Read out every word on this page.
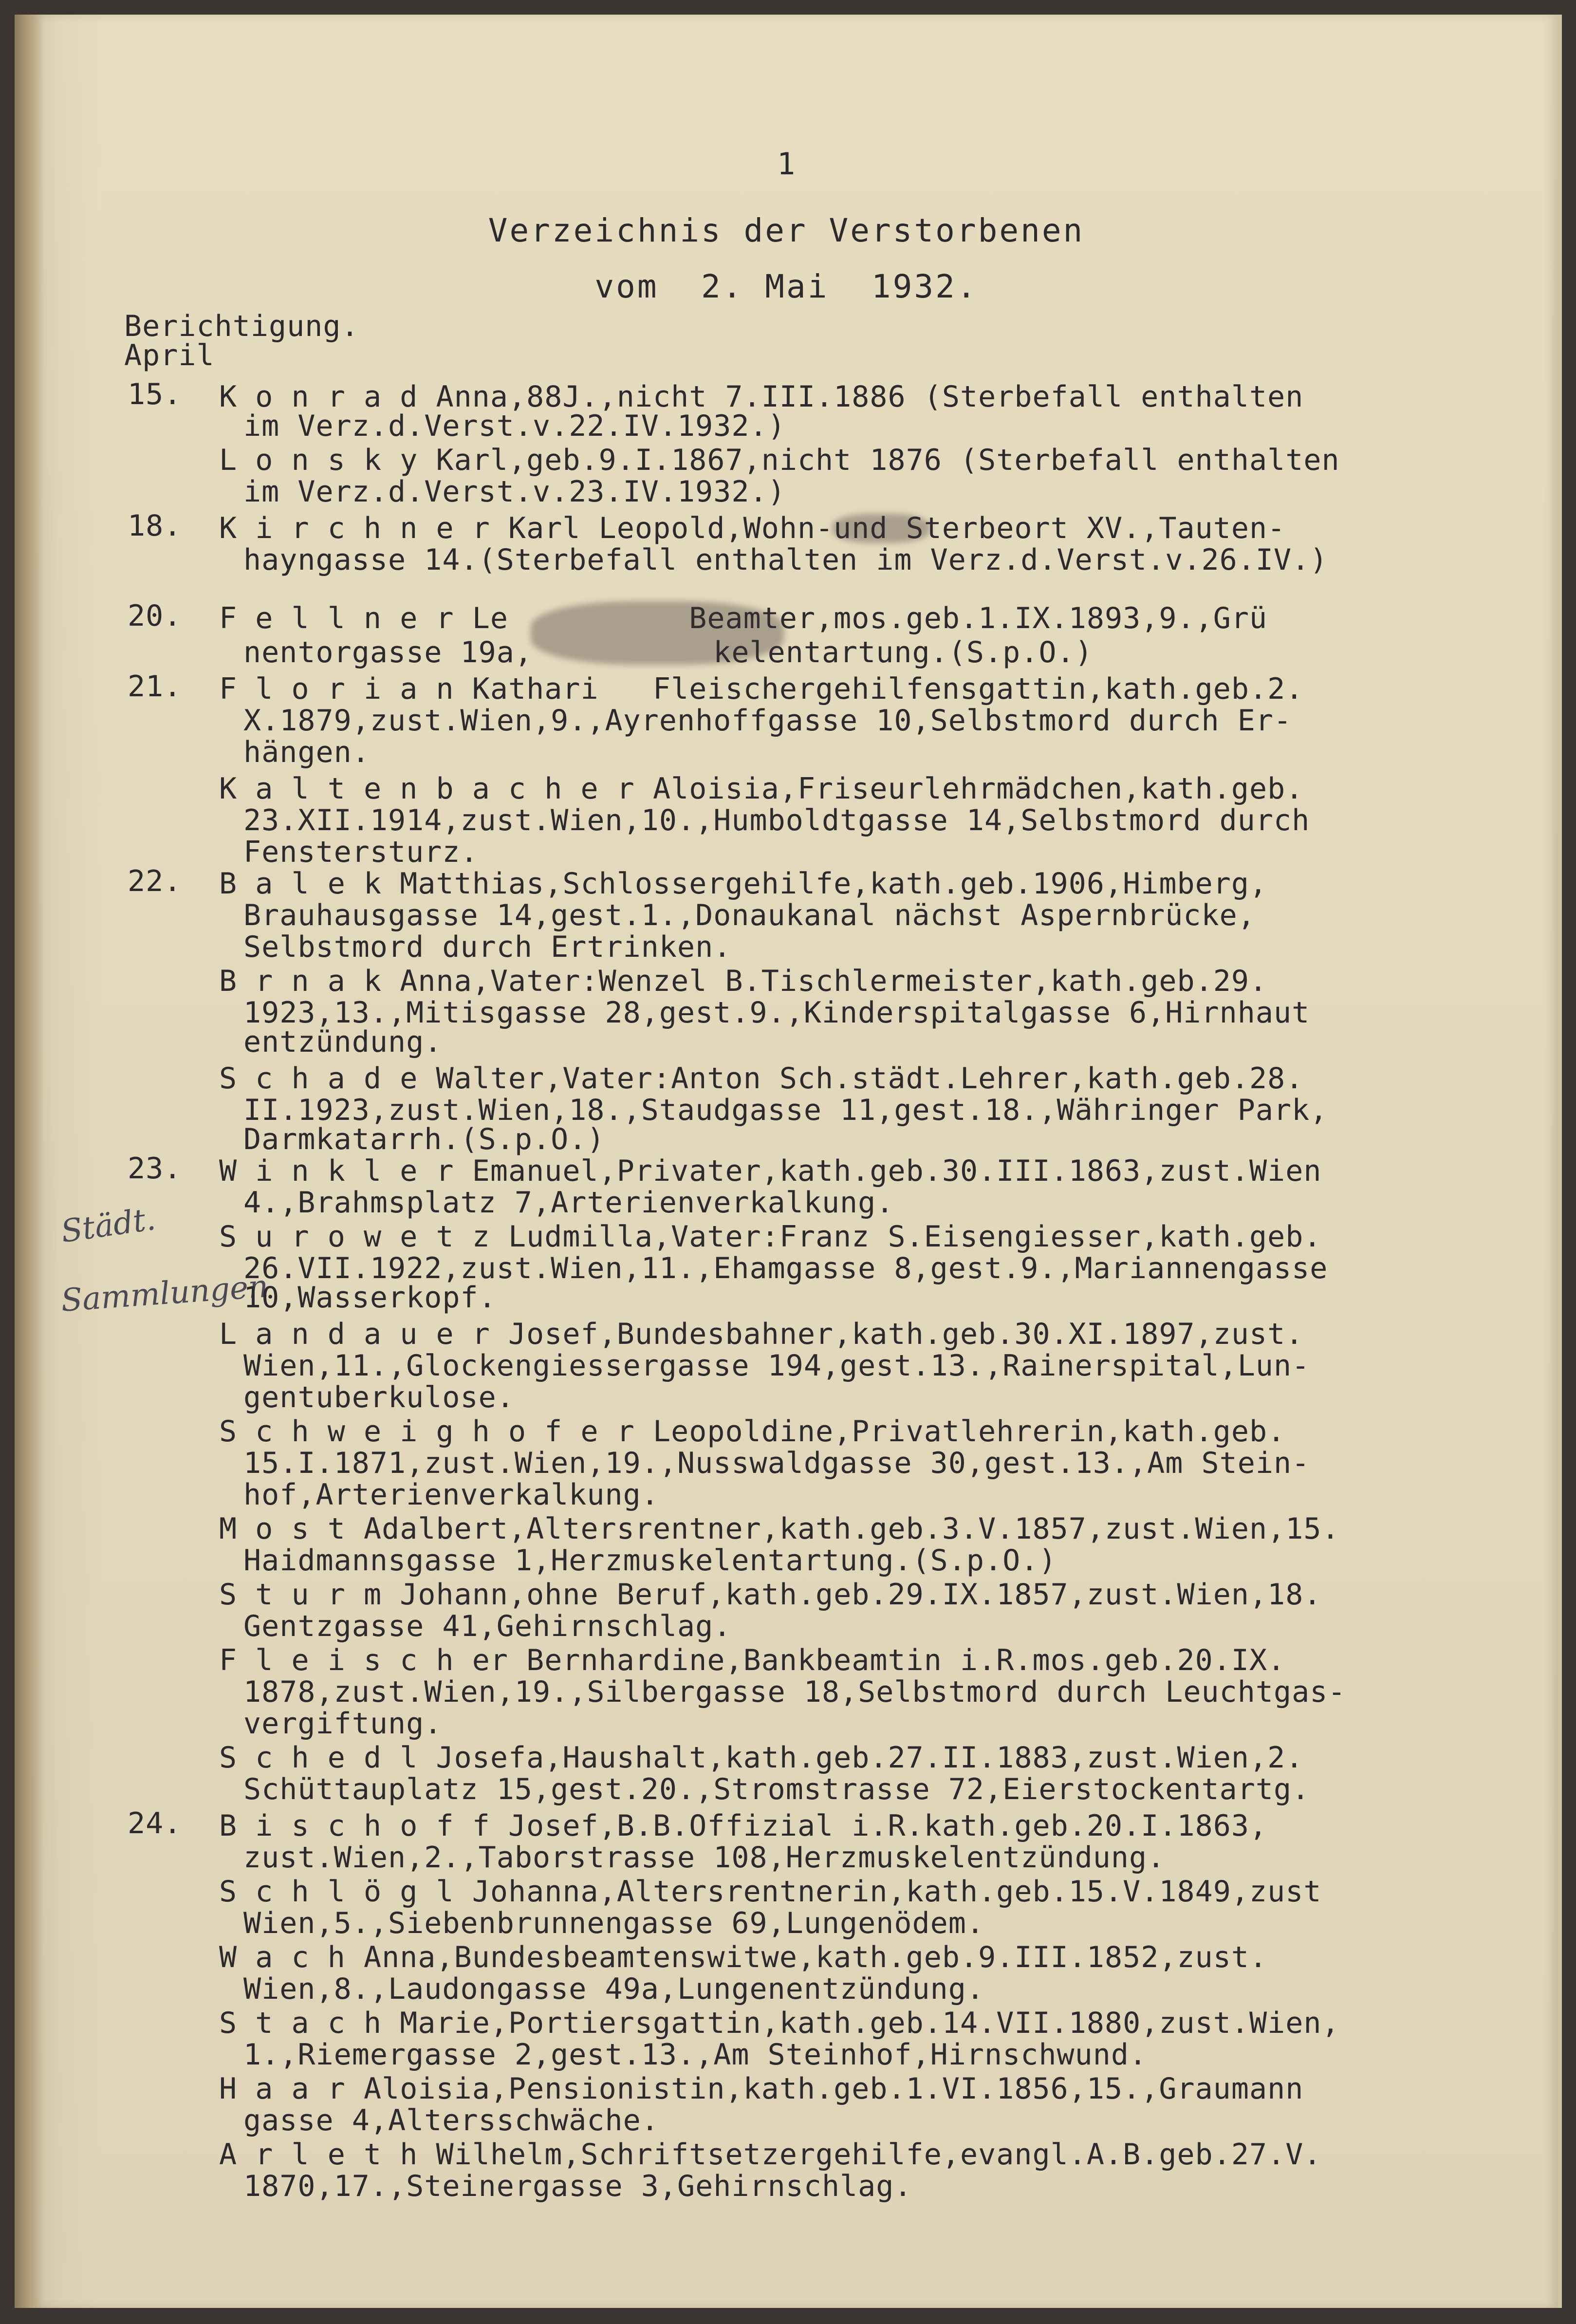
1
Verzeichnis der Verstorbenen
vom  2. Mai  1932.
Berichtigung.
April
Städt.
Sammlungen
15.
18.
20.
21.
22.
23.
24.
K o n r a d Anna,88J.,nicht 7.III.1886 (Sterbefall enthalten
im Verz.d.Verst.v.22.IV.1932.)
L o n s k y Karl,geb.9.I.1867,nicht 1876 (Sterbefall enthalten
im Verz.d.Verst.v.23.IV.1932.)
K i r c h n e r Karl Leopold,Wohn-und Sterbeort XV.,Tauten-
hayngasse 14.(Sterbefall enthalten im Verz.d.Verst.v.26.IV.)
F e l l n e r Le          Beamter,mos.geb.1.IX.1893,9.,Grü
nentorgasse 19a,          kelentartung.(S.p.O.)
F l o r i a n Kathari   Fleischergehilfensgattin,kath.geb.2.
X.1879,zust.Wien,9.,Ayrenhoffgasse 10,Selbstmord durch Er-
hängen.
K a l t e n b a c h e r Aloisia,Friseurlehrmädchen,kath.geb.
23.XII.1914,zust.Wien,10.,Humboldtgasse 14,Selbstmord durch
Fenstersturz.
B a l e k Matthias,Schlossergehilfe,kath.geb.1906,Himberg,
Brauhausgasse 14,gest.1.,Donaukanal nächst Aspernbrücke,
Selbstmord durch Ertrinken.
B r n a k Anna,Vater:Wenzel B.Tischlermeister,kath.geb.29.
1923,13.,Mitisgasse 28,gest.9.,Kinderspitalgasse 6,Hirnhaut
entzündung.
S c h a d e Walter,Vater:Anton Sch.städt.Lehrer,kath.geb.28.
II.1923,zust.Wien,18.,Staudgasse 11,gest.18.,Währinger Park,
Darmkatarrh.(S.p.O.)
W i n k l e r Emanuel,Privater,kath.geb.30.III.1863,zust.Wien
4.,Brahmsplatz 7,Arterienverkalkung.
S u r o w e t z Ludmilla,Vater:Franz S.Eisengiesser,kath.geb.
26.VII.1922,zust.Wien,11.,Ehamgasse 8,gest.9.,Mariannengasse
10,Wasserkopf.
L a n d a u e r Josef,Bundesbahner,kath.geb.30.XI.1897,zust.
Wien,11.,Glockengiessergasse 194,gest.13.,Rainerspital,Lun-
gentuberkulose.
S c h w e i g h o f e r Leopoldine,Privatlehrerin,kath.geb.
15.I.1871,zust.Wien,19.,Nusswaldgasse 30,gest.13.,Am Stein-
hof,Arterienverkalkung.
M o s t Adalbert,Altersrentner,kath.geb.3.V.1857,zust.Wien,15.
Haidmannsgasse 1,Herzmuskelentartung.(S.p.O.)
S t u r m Johann,ohne Beruf,kath.geb.29.IX.1857,zust.Wien,18.
Gentzgasse 41,Gehirnschlag.
F l e i s c h er Bernhardine,Bankbeamtin i.R.mos.geb.20.IX.
1878,zust.Wien,19.,Silbergasse 18,Selbstmord durch Leuchtgas-
vergiftung.
S c h e d l Josefa,Haushalt,kath.geb.27.II.1883,zust.Wien,2.
Schüttauplatz 15,gest.20.,Stromstrasse 72,Eierstockentartg.
B i s c h o f f Josef,B.B.Offizial i.R.kath.geb.20.I.1863,
zust.Wien,2.,Taborstrasse 108,Herzmuskelentzündung.
S c h l ö g l Johanna,Altersrentnerin,kath.geb.15.V.1849,zust
Wien,5.,Siebenbrunnengasse 69,Lungenödem.
W a c h Anna,Bundesbeamtenswitwe,kath.geb.9.III.1852,zust.
Wien,8.,Laudongasse 49a,Lungenentzündung.
S t a c h Marie,Portiersgattin,kath.geb.14.VII.1880,zust.Wien,
1.,Riemergasse 2,gest.13.,Am Steinhof,Hirnschwund.
H a a r Aloisia,Pensionistin,kath.geb.1.VI.1856,15.,Graumann
gasse 4,Altersschwäche.
A r l e t h Wilhelm,Schriftsetzergehilfe,evangl.A.B.geb.27.V.
1870,17.,Steinergasse 3,Gehirnschlag.
